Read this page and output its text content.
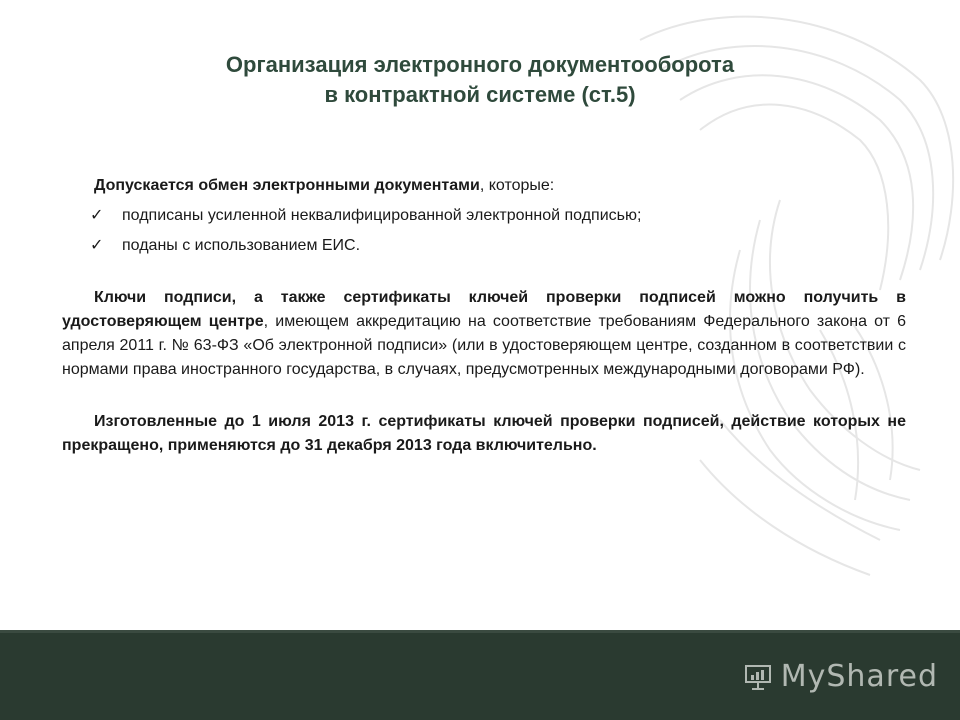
Организация электронного документооборота
в контрактной системе (ст.5)
Допускается обмен электронными документами, которые:
✓ подписаны усиленной неквалифицированной электронной подписью;
✓ поданы с использованием ЕИС.
Ключи подписи, а также сертификаты ключей проверки подписей можно получить в удостоверяющем центре, имеющем аккредитацию на соответствие требованиям Федерального закона от 6 апреля 2011 г. № 63-ФЗ «Об электронной подписи» (или в удостоверяющем центре, созданном в соответствии с нормами права иностранного государства, в случаях, предусмотренных международными договорами РФ).
Изготовленные до 1 июля 2013 г. сертификаты ключей проверки подписей, действие которых не прекращено, применяются до 31 декабря 2013 года включительно.
MyShared
